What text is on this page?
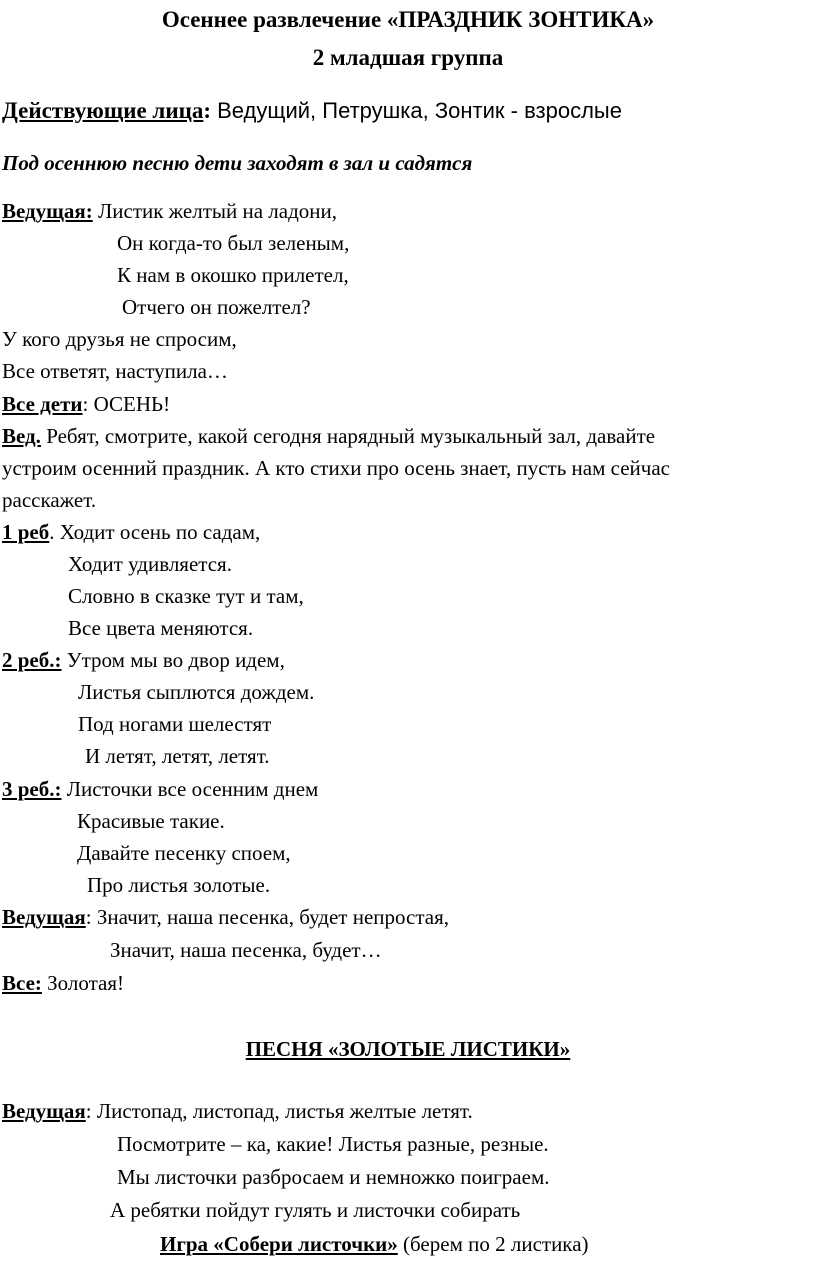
Осеннее развлечение «ПРАЗДНИК ЗОНТИКА»
2 младшая группа
Действующие лица: Ведущий, Петрушка, Зонтик - взрослые
Под осеннюю песню дети заходят в зал и садятся
Ведущая: Листик желтый на ладони,
Он когда-то был зеленым,
К нам в окошко прилетел,
Отчего он пожелтел?
У кого друзья не спросим,
Все ответят, наступила…
Все дети: ОСЕНЬ!
Вед. Ребят, смотрите, какой сегодня нарядный музыкальный зал, давайте
устроим осенний праздник. А кто стихи про осень знает, пусть нам сейчас
расскажет.
1 реб. Ходит осень по садам,
Ходит удивляется.
Словно в сказке тут и там,
Все цвета меняются.
2 реб.: Утром мы во двор идем,
Листья сыплются дождем.
Под ногами шелестят
И летят, летят, летят.
3 реб.: Листочки все осенним днем
Красивые такие.
Давайте песенку споем,
Про листья золотые.
Ведущая: Значит, наша песенка, будет непростая,
Значит, наша песенка, будет…
Все: Золотая!
ПЕСНЯ «ЗОЛОТЫЕ ЛИСТИКИ»
Ведущая: Листопад, листопад, листья желтые летят.
Посмотрите – ка, какие! Листья разные, резные.
Мы листочки разбросаем и немножко поиграем.
А ребятки пойдут гулять и листочки собирать
Игра «Собери листочки» (берем по 2 листика)
